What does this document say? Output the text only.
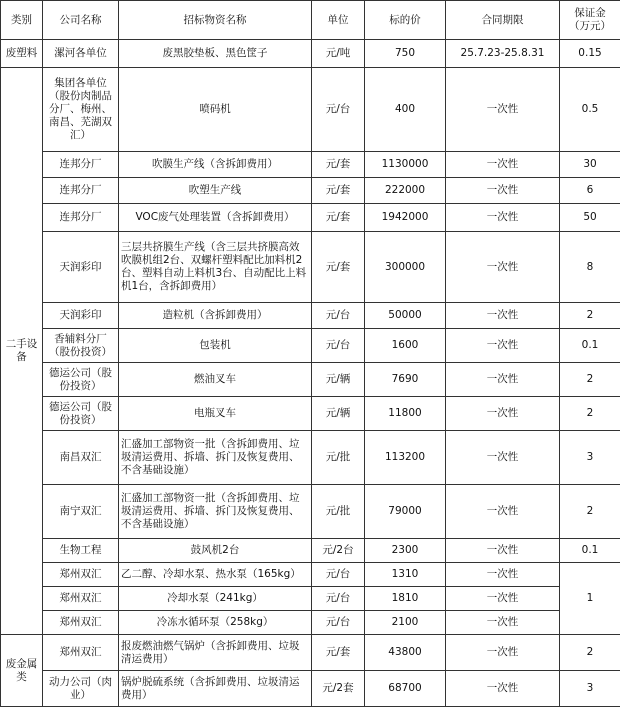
类别	公司名称	招标物资名称	单位	标的价	合同期限	保证金
（万元）
废塑料	漯河各单位	废黑胶垫板、黑色筐子	元/吨	750	25.7.23-25.8.31	0.15
二手设备	集团各单位（股份肉制品分厂、梅州、南昌、芜湖双汇）	喷码机	元/台	400	一次性	0.5
	连邦分厂	吹膜生产线（含拆卸费用）	元/套	1130000	一次性	30
	连邦分厂	吹塑生产线	元/套	222000	一次性	6
	连邦分厂	VOC废气处理装置（含拆卸费用）	元/套	1942000	一次性	50
	天润彩印	三层共挤膜生产线（含三层共挤膜高效吹膜机组2台、双螺杆塑料配比加料机2台、塑料自动上料机3台、自动配比上料机1台，含拆卸费用）	元/套	300000	一次性	8
	天润彩印	造粒机（含拆卸费用）	元/台	50000	一次性	2
	香辅料分厂（股份投资）	包装机	元/台	1600	一次性	0.1
	德运公司（股份投资）	燃油叉车	元/辆	7690	一次性	2
	德运公司（股份投资）	电瓶叉车	元/辆	11800	一次性	2
	南昌双汇	汇盛加工部物资一批（含拆卸费用、垃圾清运费用、拆墙、拆门及恢复费用、不含基础设施）	元/批	113200	一次性	3
	南宁双汇	汇盛加工部物资一批（含拆卸费用、垃圾清运费用、拆墙、拆门及恢复费用、不含基础设施）	元/批	79000	一次性	2
	生物工程	鼓风机2台	元/2台	2300	一次性	0.1
	郑州双汇	乙二醇、冷却水泵、热水泵（165kg）	元/台	1310	一次性	1
	郑州双汇	冷却水泵（241kg）	元/台	1810	一次性	
	郑州双汇	冷冻水循环泵（258kg）	元/台	2100	一次性	
废金属类	郑州双汇	报废燃油燃气锅炉（含拆卸费用、垃圾清运费用）	元/套	43800	一次性	2
	动力公司（肉业）	锅炉脱硫系统（含拆卸费用、垃圾清运费用）	元/2套	68700	一次性	3
